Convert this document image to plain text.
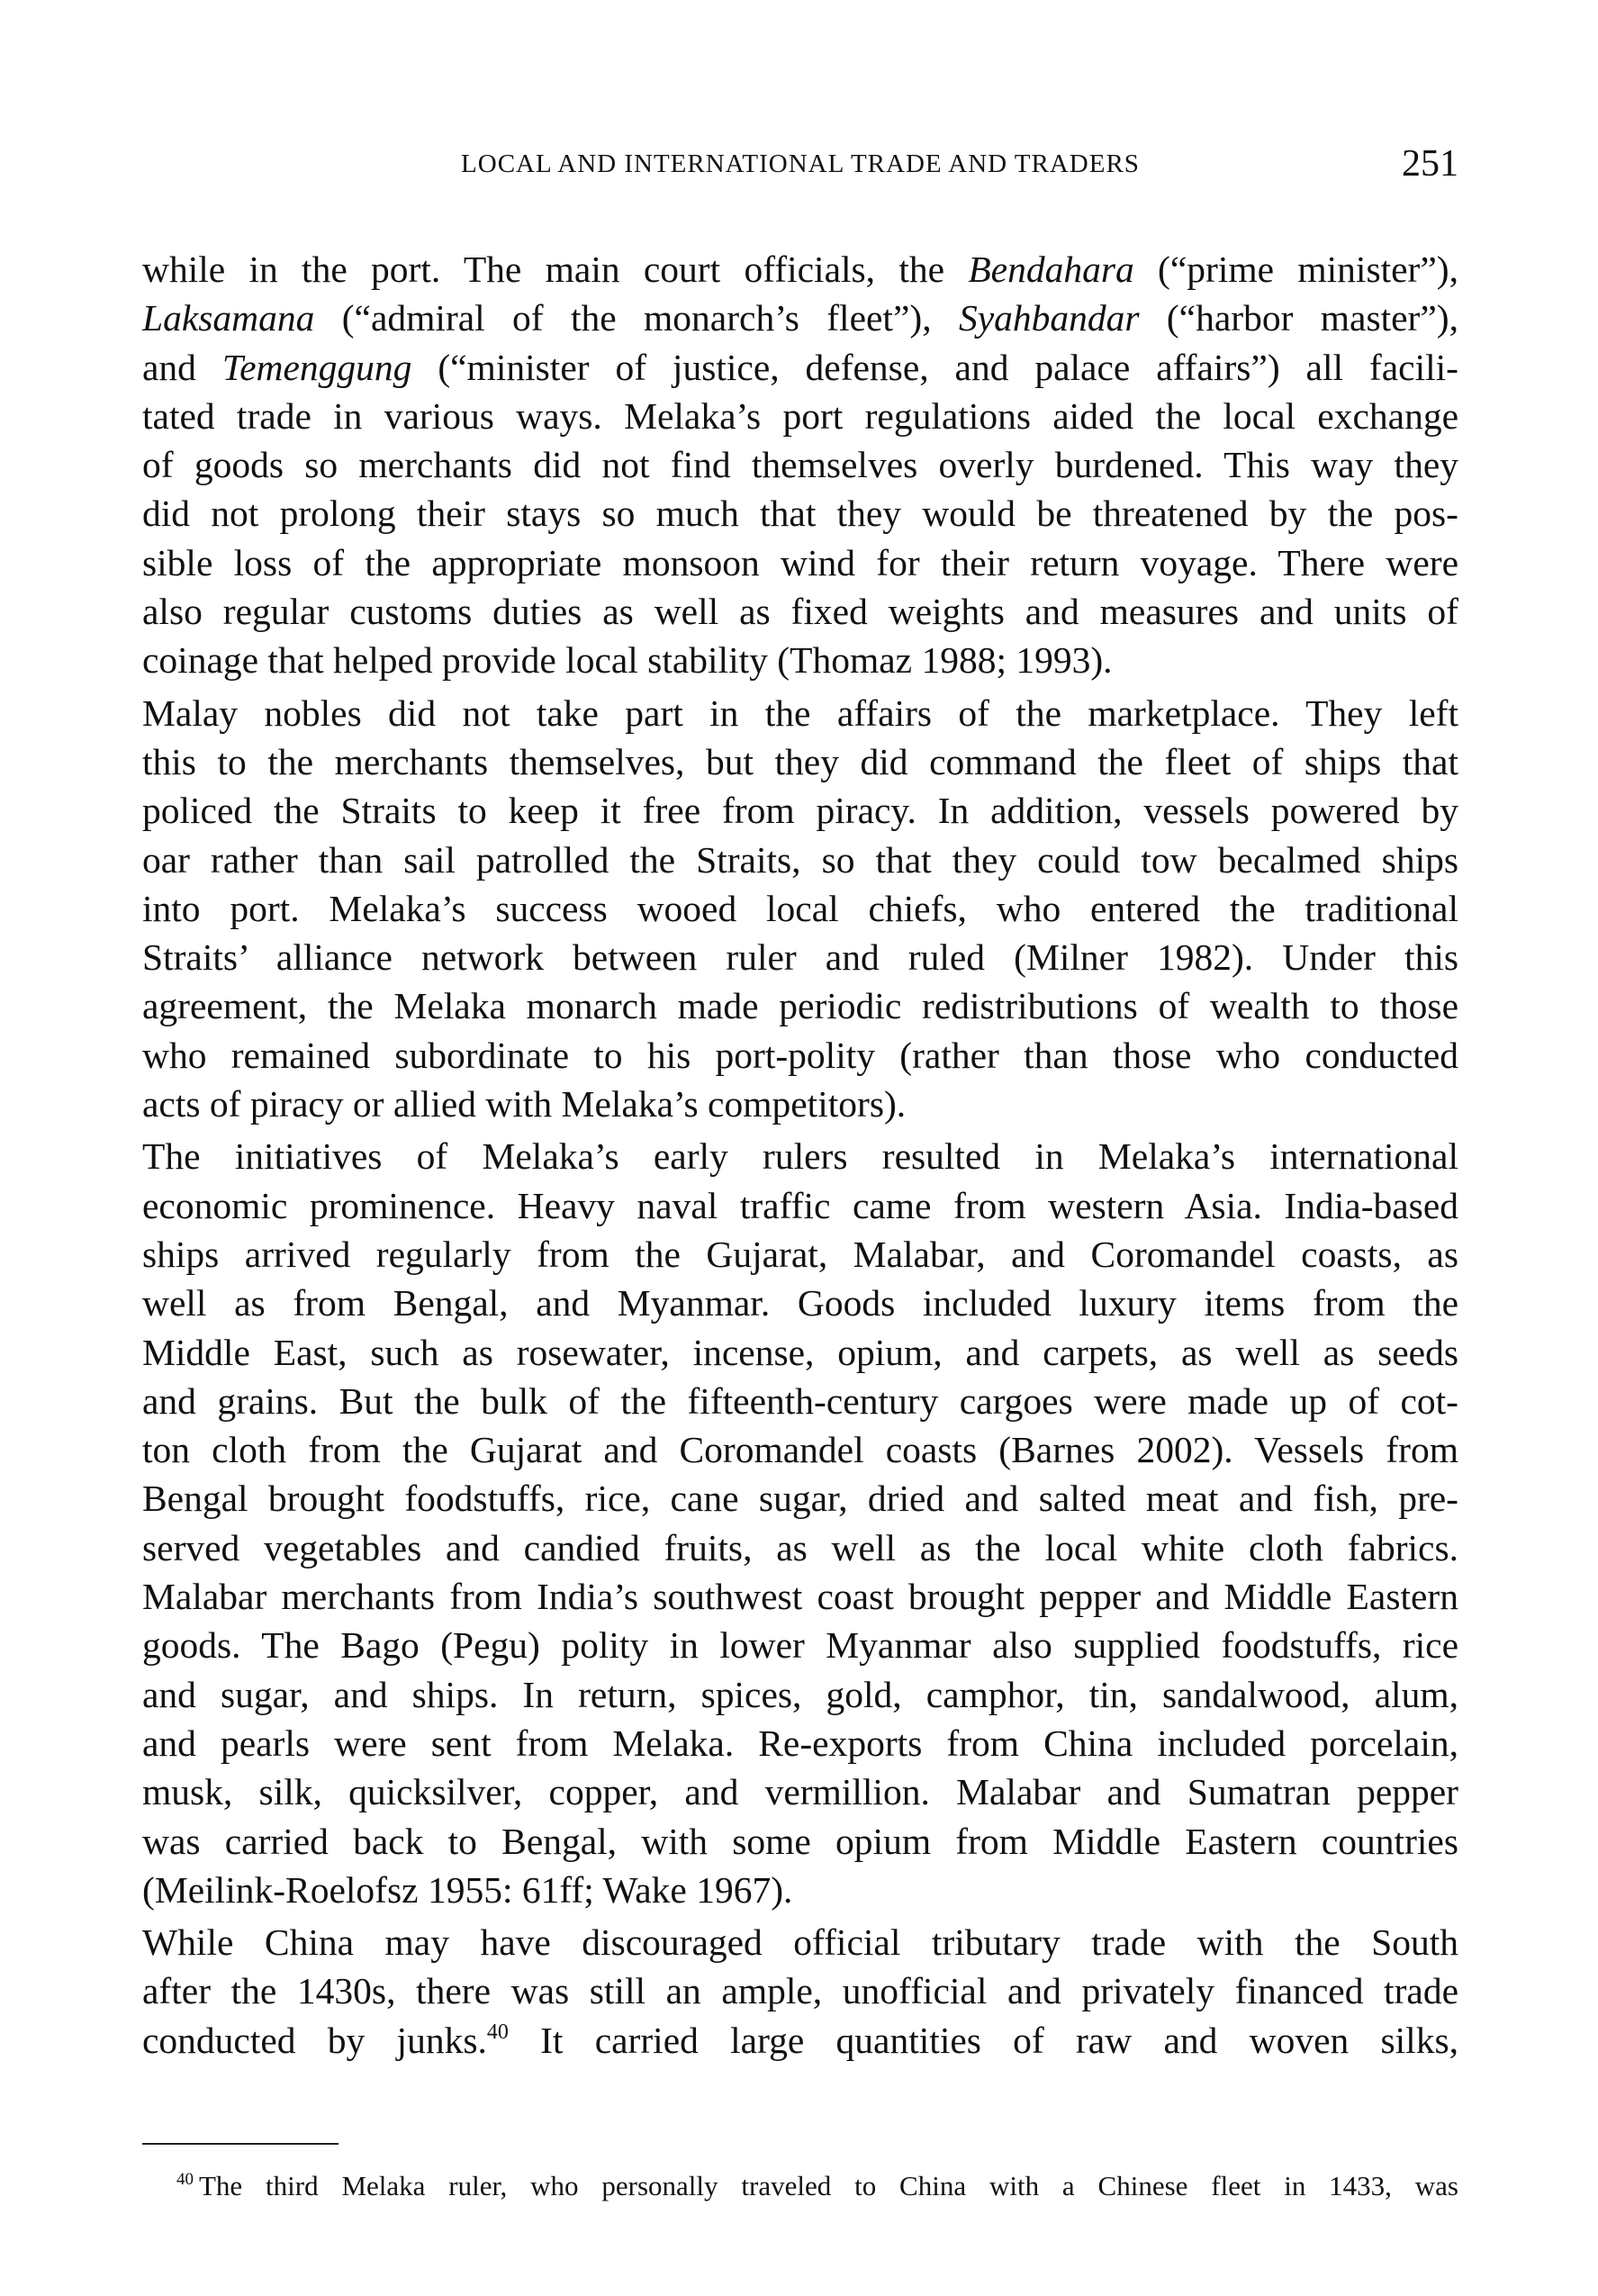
LOCAL AND INTERNATIONAL TRADE AND TRADERS	251
while in the port. The main court officials, the Bendahara (“prime minister”),
Laksamana (“admiral of the monarch’s fleet”), Syahbandar (“harbor master”),
and Temenggung (“minister of justice, defense, and palace affairs”) all facili-
tated trade in various ways. Melaka’s port regulations aided the local exchange
of goods so merchants did not find themselves overly burdened. This way they
did not prolong their stays so much that they would be threatened by the pos-
sible loss of the appropriate monsoon wind for their return voyage. There were
also regular customs duties as well as fixed weights and measures and units of
coinage that helped provide local stability (Thomaz 1988; 1993).
Malay nobles did not take part in the affairs of the marketplace. They left
this to the merchants themselves, but they did command the fleet of ships that
policed the Straits to keep it free from piracy. In addition, vessels powered by
oar rather than sail patrolled the Straits, so that they could tow becalmed ships
into port. Melaka’s success wooed local chiefs, who entered the traditional
Straits’ alliance network between ruler and ruled (Milner 1982). Under this
agreement, the Melaka monarch made periodic redistributions of wealth to those
who remained subordinate to his port-polity (rather than those who conducted
acts of piracy or allied with Melaka’s competitors).
The initiatives of Melaka’s early rulers resulted in Melaka’s international
economic prominence. Heavy naval traffic came from western Asia. India-based
ships arrived regularly from the Gujarat, Malabar, and Coromandel coasts, as
well as from Bengal, and Myanmar. Goods included luxury items from the
Middle East, such as rosewater, incense, opium, and carpets, as well as seeds
and grains. But the bulk of the fifteenth-century cargoes were made up of cot-
ton cloth from the Gujarat and Coromandel coasts (Barnes 2002). Vessels from
Bengal brought foodstuffs, rice, cane sugar, dried and salted meat and fish, pre-
served vegetables and candied fruits, as well as the local white cloth fabrics.
Malabar merchants from India’s southwest coast brought pepper and Middle Eastern
goods. The Bago (Pegu) polity in lower Myanmar also supplied foodstuffs, rice
and sugar, and ships. In return, spices, gold, camphor, tin, sandalwood, alum,
and pearls were sent from Melaka. Re-exports from China included porcelain,
musk, silk, quicksilver, copper, and vermillion. Malabar and Sumatran pepper
was carried back to Bengal, with some opium from Middle Eastern countries
(Meilink-Roelofsz 1955: 61ff; Wake 1967).
While China may have discouraged official tributary trade with the South
after the 1430s, there was still an ample, unofficial and privately financed trade
conducted by junks.$^{40}$ It carried large quantities of raw and woven silks,
$^{40}$ The third Melaka ruler, who personally traveled to China with a Chinese fleet in 1433, was
